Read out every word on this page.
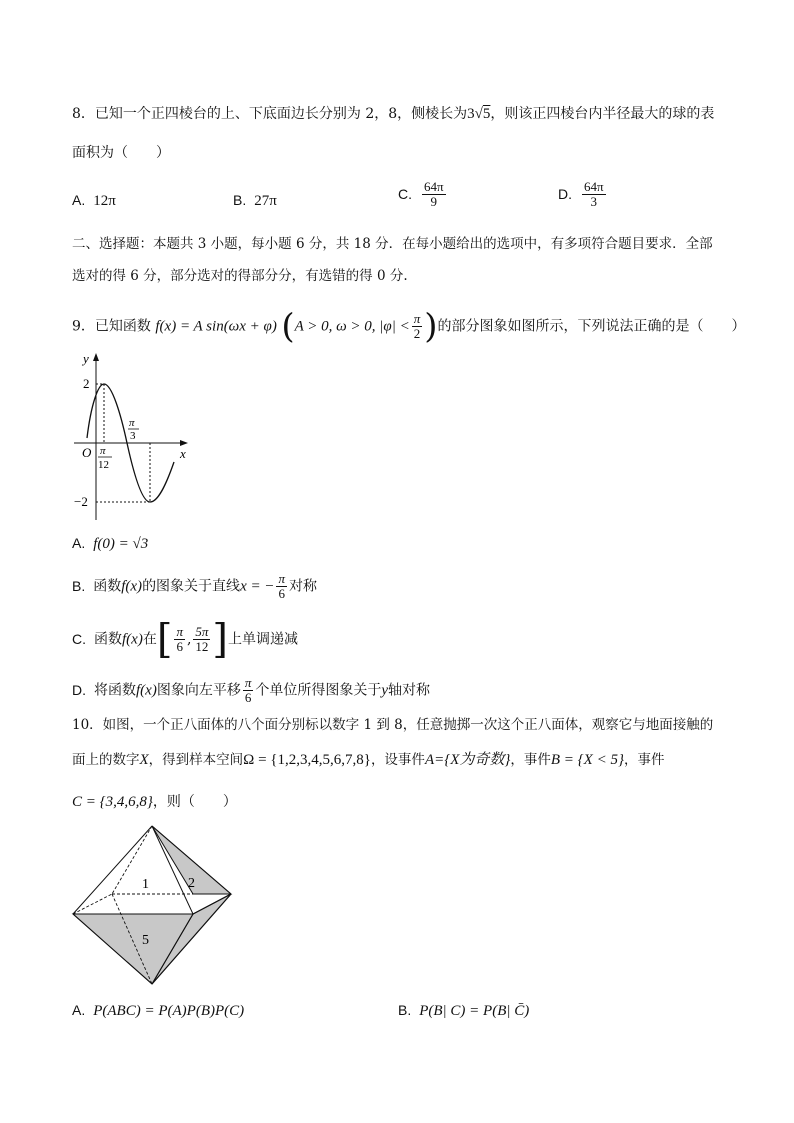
8．已知一个正四棱台的上、下底面边长分别为 2，8，侧棱长为3√5，则该正四棱台内半径最大的球的表
面积为（　　）
A. 12π	B. 27π	C. $\frac{64\pi}{9}$	D. $\frac{64\pi}{3}$
二、选择题：本题共 3 小题，每小题 6 分，共 18 分．在每小题给出的选项中，有多项符合题目要求．全部
选对的得 6 分，部分选对的得部分分，有选错的得 0 分.
9．已知函数 f(x) = A sin(ωx + φ) (A > 0, ω > 0, $|\varphi| < \frac{\pi}{2}$ )的部分图象如图所示，下列说法正确的是（　　）
y
x
O
2
−2
π
12
π
3
A. f(0) = √3
B. 函数f(x)的图象关于直线x = − $\frac{\pi}{6}$ 对称
C. 函数f(x)在[ $\frac{\pi}{6}$ , $\frac{5\pi}{12}$ ]上单调递减
D. 将函数f(x)图象向左平移 $\frac{\pi}{6}$ 个单位所得图象关于y轴对称
10．如图，一个正八面体的八个面分别标以数字 1 到 8，任意抛掷一次这个正八面体，观察它与地面接触的
面上的数字X，得到样本空间Ω = {1,2,3,4,5,6,7,8}，设事件A={X为奇数}，事件B = {X < 5}，事件
C = {3,4,6,8}，则（　　）
1	2
5
A. P(ABC) = P(A)P(B)P(C)	B. P(B| C) = P(B| C̄)
